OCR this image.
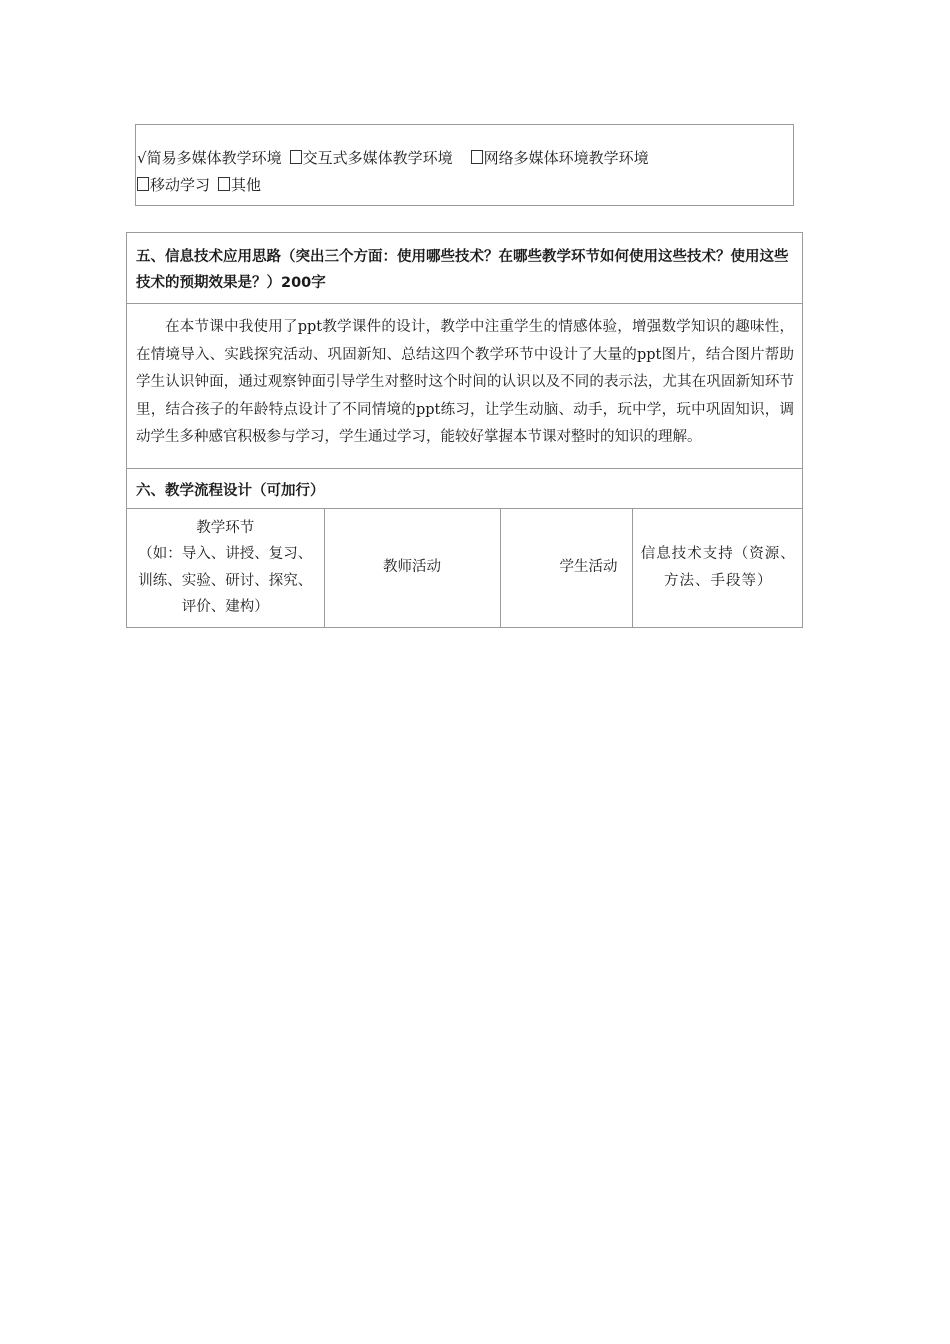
√简易多媒体教学环境 交互式多媒体教学环境 网络多媒体环境教学环境
移动学习 其他
五、信息技术应用思路（突出三个方面：使用哪些技术？在哪些教学环节如何使用这些技术？使用这些技术的预期效果是？）200字

在本节课中我使用了ppt教学课件的设计，教学中注重学生的情感体验，增强数学知识的趣味性，在情境导入、实践探究活动、巩固新知、总结这四个教学环节中设计了大量的ppt图片，结合图片帮助学生认识钟面，通过观察钟面引导学生对整时这个时间的认识以及不同的表示法，尤其在巩固新知环节里，结合孩子的年龄特点设计了不同情境的ppt练习，让学生动脑、动手，玩中学，玩中巩固知识，调动学生多种感官积极参与学习，学生通过学习，能较好掌握本节课对整时的知识的理解。

六、教学流程设计（可加行）

教学环节
（如：导入、讲授、复习、训练、实验、研讨、探究、评价、建构）
	教师活动	学生活动	信息技术支持（资源、方法、手段等）
